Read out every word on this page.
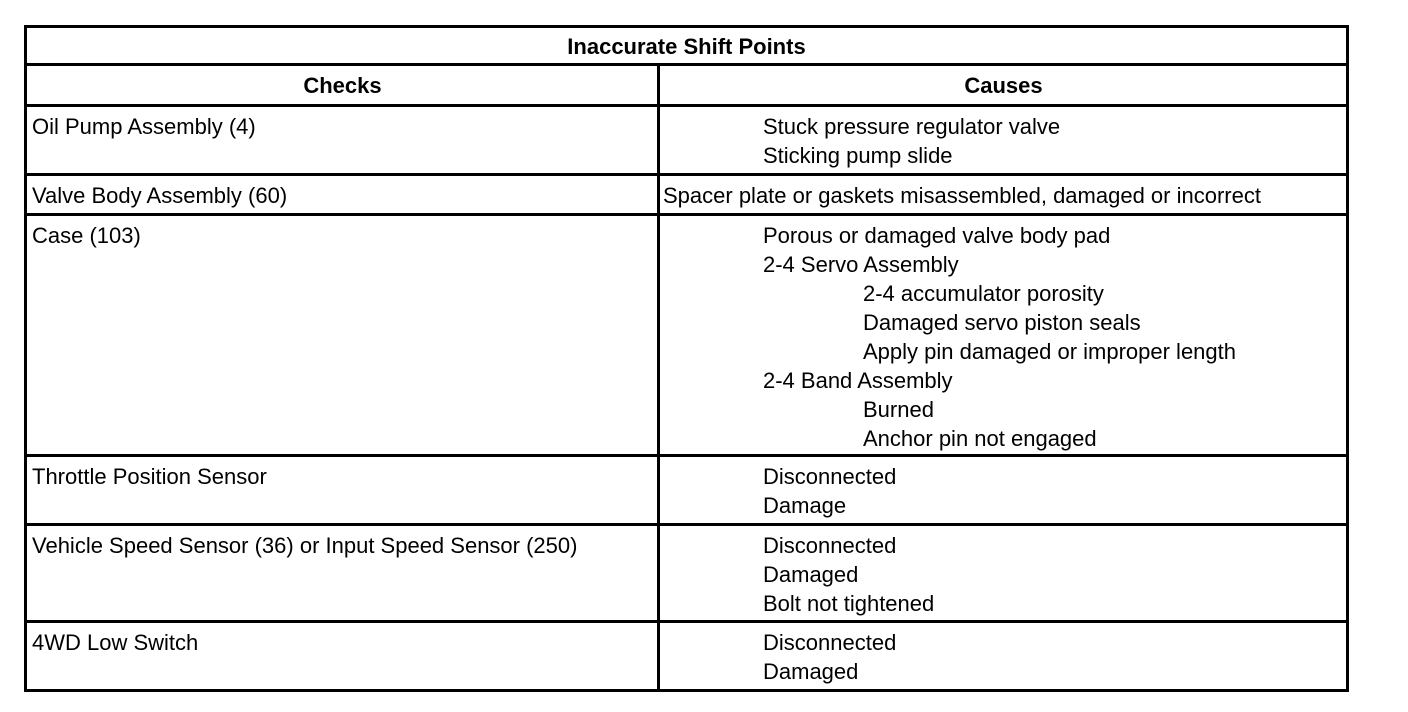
Inaccurate Shift Points
Checks	Causes
Oil Pump Assembly (4)	Stuck pressure regulator valve
Sticking pump slide
Valve Body Assembly (60)	Spacer plate or gaskets misassembled, damaged or incorrect
Case (103)	Porous or damaged valve body pad
2-4 Servo Assembly
2-4 accumulator porosity
Damaged servo piston seals
Apply pin damaged or improper length
2-4 Band Assembly
Burned
Anchor pin not engaged
Throttle Position Sensor	Disconnected
Damage
Vehicle Speed Sensor (36) or Input Speed Sensor (250)	Disconnected
Damaged
Bolt not tightened
4WD Low Switch	Disconnected
Damaged
